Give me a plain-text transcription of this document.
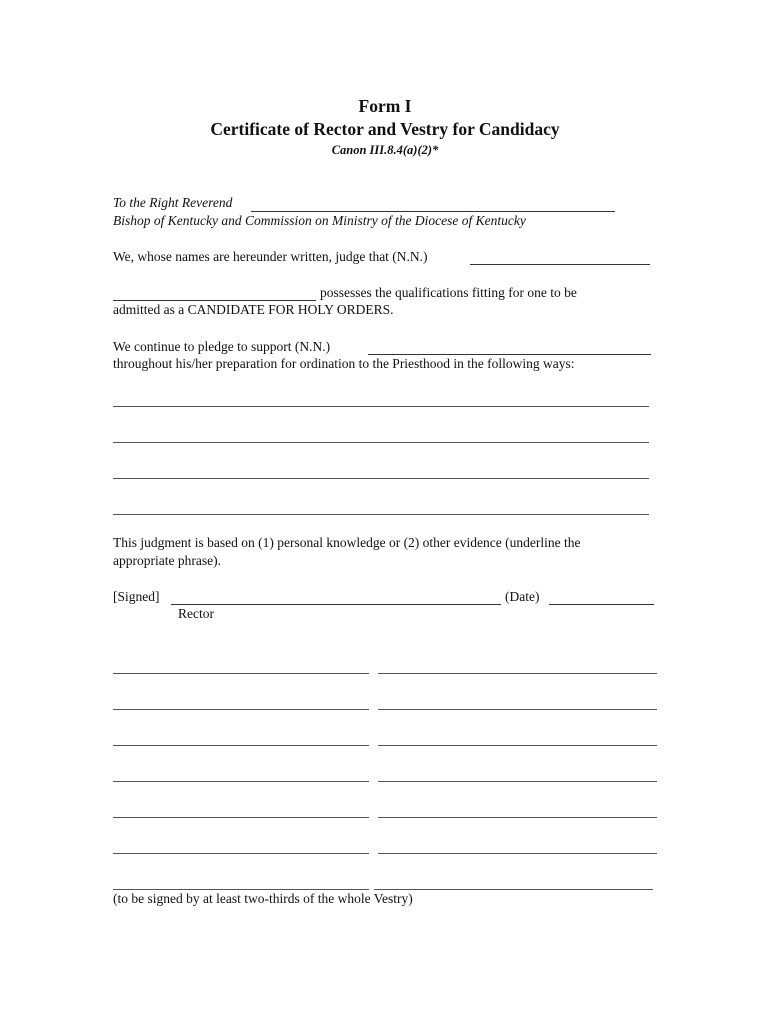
Form I
Certificate of Rector and Vestry for Candidacy
Canon III.8.4(a)(2)*
To the Right Reverend
Bishop of Kentucky and Commission on Ministry of the Diocese of Kentucky
We, whose names are hereunder written, judge that (N.N.)
possesses the qualifications fitting for one to be
admitted as a CANDIDATE FOR HOLY ORDERS.
We continue to pledge to support (N.N.)
throughout his/her preparation for ordination to the Priesthood in the following ways:
This judgment is based on (1) personal knowledge or (2) other evidence (underline the
appropriate phrase).
[Signed]	(Date)
Rector
(to be signed by at least two-thirds of the whole Vestry)
